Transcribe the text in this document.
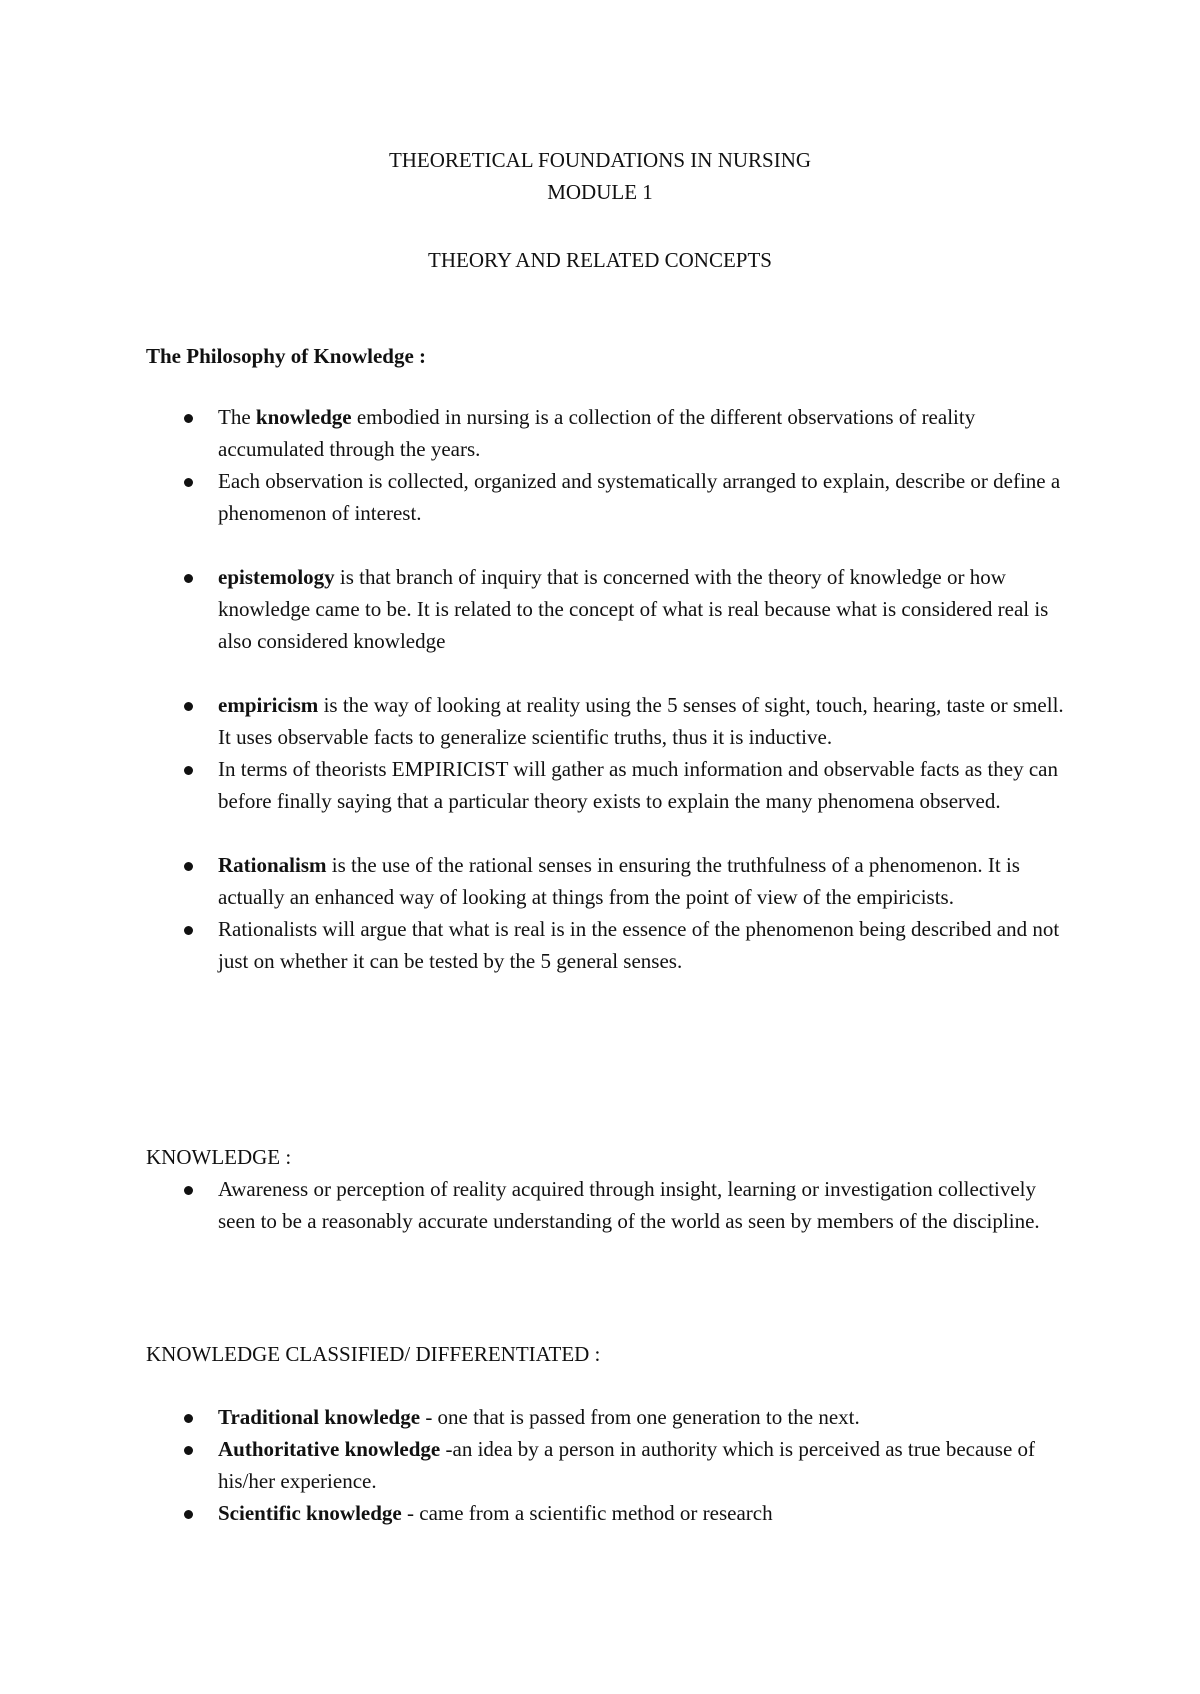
THEORETICAL FOUNDATIONS IN NURSING
MODULE 1
THEORY AND RELATED CONCEPTS
The Philosophy of Knowledge :
The knowledge embodied in nursing is a collection of the different observations of reality accumulated through the years.
Each observation is collected, organized and systematically arranged to explain, describe or define a phenomenon of interest.
epistemology is that branch of inquiry that is concerned with the theory of knowledge or how knowledge came to be. It is related to the concept of what is real because what is considered real is also considered knowledge
empiricism is the way of looking at reality using the 5 senses of sight, touch, hearing, taste or smell. It uses observable facts to generalize scientific truths, thus it is inductive.
In terms of theorists EMPIRICIST will gather as much information and observable facts as they can before finally saying that a particular theory exists to explain the many phenomena observed.
Rationalism is the use of the rational senses in ensuring the truthfulness of a phenomenon. It is actually an enhanced way of looking at things from the point of view of the empiricists.
Rationalists will argue that what is real is in the essence of the phenomenon being described and not just on whether it can be tested by the 5 general senses.
KNOWLEDGE :
Awareness or perception of reality acquired through insight, learning or investigation collectively seen to be a reasonably accurate understanding of the world as seen by members of the discipline.
KNOWLEDGE CLASSIFIED/ DIFFERENTIATED :
Traditional knowledge - one that is passed from one generation to the next.
Authoritative knowledge -an idea by a person in authority which is perceived as true because of his/her experience.
Scientific knowledge - came from a scientific method or research
